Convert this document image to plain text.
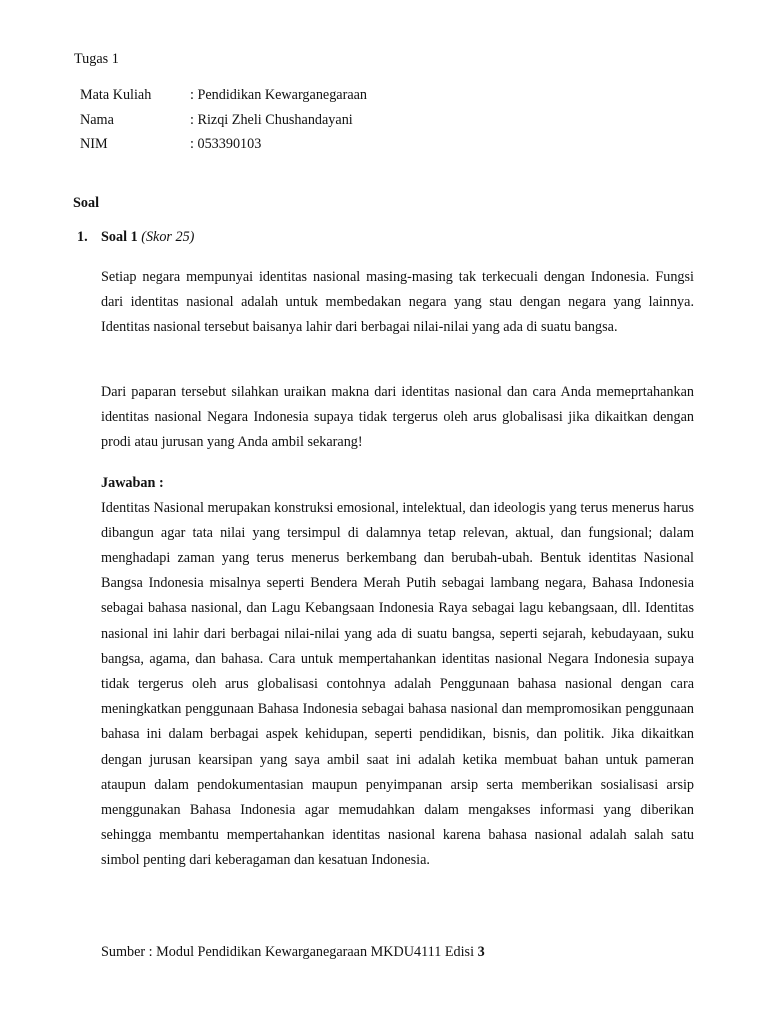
Tugas 1

Mata Kuliah	: Pendidikan Kewarganegaraan
Nama	: Rizqi Zheli Chushandayani
NIM	: 053390103

Soal

1. Soal 1 (Skor 25)

Setiap negara mempunyai identitas nasional masing-masing tak terkecuali dengan Indonesia. Fungsi dari identitas nasional adalah untuk membedakan negara yang stau dengan negara yang lainnya. Identitas nasional tersebut baisanya lahir dari berbagai nilai-nilai yang ada di suatu bangsa.

Dari paparan tersebut silahkan uraikan makna dari identitas nasional dan cara Anda memeprtahankan identitas nasional Negara Indonesia supaya tidak tergerus oleh arus globalisasi jika dikaitkan dengan prodi atau jurusan yang Anda ambil sekarang!

Jawaban :

Identitas Nasional merupakan konstruksi emosional, intelektual, dan ideologis yang terus menerus harus dibangun agar tata nilai yang tersimpul di dalamnya tetap relevan, aktual, dan fungsional; dalam menghadapi zaman yang terus menerus berkembang dan berubah-ubah. Bentuk identitas Nasional Bangsa Indonesia misalnya seperti Bendera Merah Putih sebagai lambang negara, Bahasa Indonesia sebagai bahasa nasional, dan Lagu Kebangsaan Indonesia Raya sebagai lagu kebangsaan, dll. Identitas nasional ini lahir dari berbagai nilai-nilai yang ada di suatu bangsa, seperti sejarah, kebudayaan, suku bangsa, agama, dan bahasa. Cara untuk mempertahankan identitas nasional Negara Indonesia supaya tidak tergerus oleh arus globalisasi contohnya adalah Penggunaan bahasa nasional dengan cara meningkatkan penggunaan Bahasa Indonesia sebagai bahasa nasional dan mempromosikan penggunaan bahasa ini dalam berbagai aspek kehidupan, seperti pendidikan, bisnis, dan politik. Jika dikaitkan dengan jurusan kearsipan yang saya ambil saat ini adalah ketika membuat bahan untuk pameran ataupun dalam pendokumentasian maupun penyimpanan arsip serta memberikan sosialisasi arsip menggunakan Bahasa Indonesia agar memudahkan dalam mengakses informasi yang diberikan sehingga membantu mempertahankan identitas nasional karena bahasa nasional adalah salah satu simbol penting dari keberagaman dan kesatuan Indonesia.

Sumber : Modul Pendidikan Kewarganegaraan MKDU4111 Edisi 3
